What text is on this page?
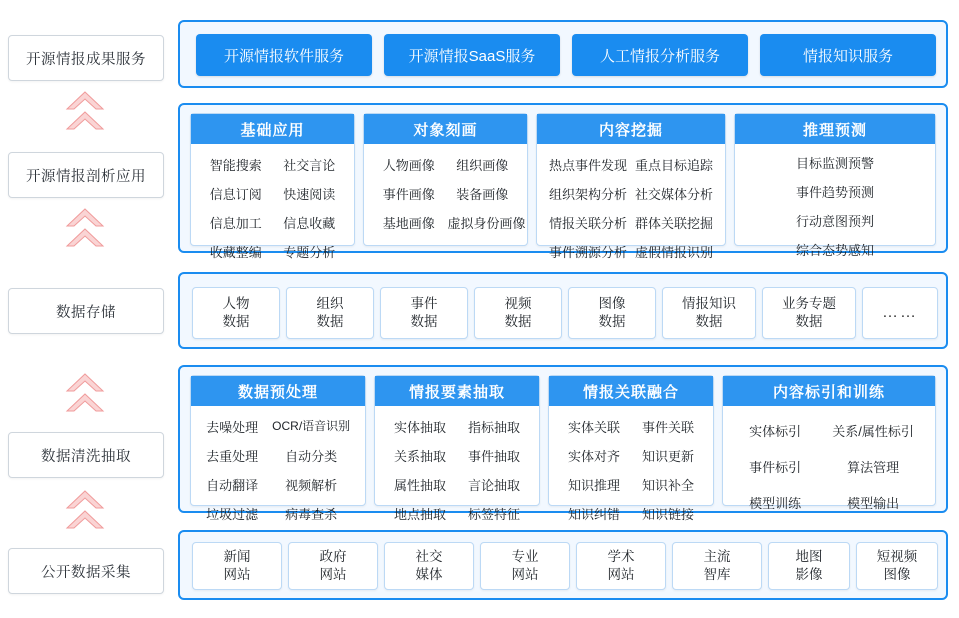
开源情报成果服务
开源情报剖析应用
数据存储
数据清洗抽取
公开数据采集
开源情报软件服务	开源情报SaaS服务	人工情报分析服务	情报知识服务
基础应用
智能搜索	社交言论
信息订阅	快速阅读
信息加工	信息收藏
收藏整编	专题分析
对象刻画
人物画像	组织画像
事件画像	装备画像
基地画像 虚拟身份画像
内容挖掘
热点事件发现 重点目标追踪
组织架构分析 社交媒体分析
情报关联分析 群体关联挖掘
事件溯源分析 虚假情报识别
推理预测
目标监测预警
事件趋势预测
行动意图预判
综合态势感知
人物
数据
组织
数据
事件
数据
视频
数据
图像
数据
情报知识
数据
业务专题
数据
……
数据预处理
去噪处理	OCR/语音识别
去重处理	自动分类
自动翻译	视频解析
垃圾过滤	病毒查杀
情报要素抽取
实体抽取	指标抽取
关系抽取	事件抽取
属性抽取	言论抽取
地点抽取	标签特征
情报关联融合
实体关联	事件关联
实体对齐	知识更新
知识推理	知识补全
知识纠错	知识链接
内容标引和训练
实体标引	关系/属性标引
事件标引	算法管理
模型训练	模型输出
新闻
网站
政府
网站
社交
媒体
专业
网站
学术
网站
主流
智库
地图
影像
短视频
图像
